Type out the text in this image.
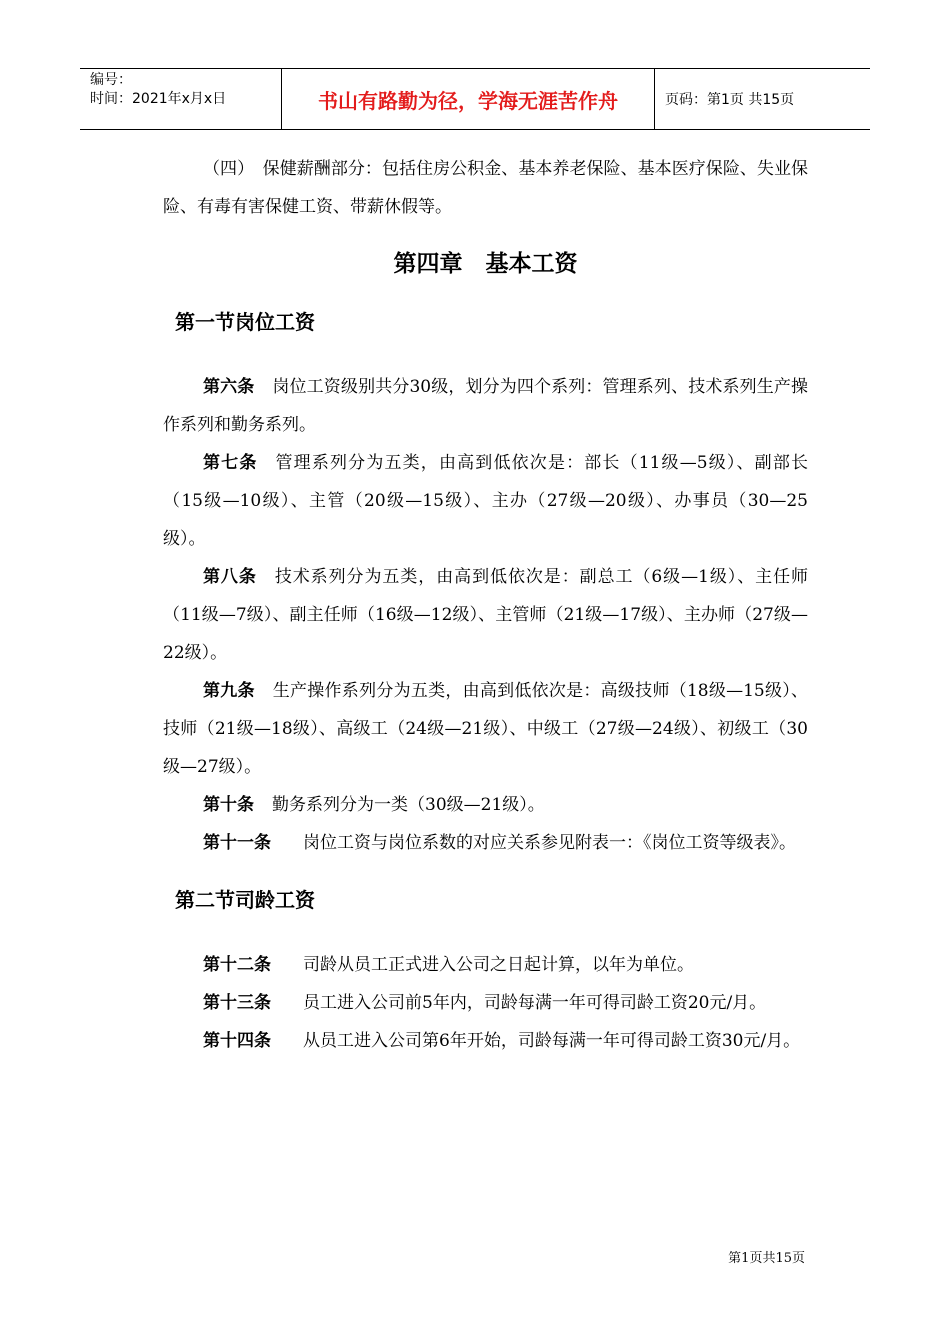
编号：
时间：2021年x月x日	书山有路勤为径，学海无涯苦作舟	页码：第1页 共15页

（四）　保健薪酬部分：包括住房公积金、基本养老保险、基本医疗保险、失业保险、有毒有害保健工资、带薪休假等。

第四章　基本工资
第一节岗位工资

第六条 岗位工资级别共分30级，划分为四个系列：管理系列、技术系列生产操作系列和勤务系列。

第七条 管理系列分为五类，由高到低依次是：部长（11级—5级）、副部长（15级—10级）、主管（20级—15级）、主办（27级—20级）、办事员（30—25级）。

第八条 技术系列分为五类，由高到低依次是：副总工（6级—1级）、主任师（11级—7级）、副主任师（16级—12级）、主管师（21级—17级）、主办师（27级—22级）。

第九条 生产操作系列分为五类，由高到低依次是：高级技师（18级—15级）、技师（21级—18级）、高级工（24级—21级）、中级工（27级—24级）、初级工（30级—27级）。

第十条 勤务系列分为一类（30级—21级）。

第十一条 岗位工资与岗位系数的对应关系参见附表一：《岗位工资等级表》。

第二节司龄工资

第十二条 司龄从员工正式进入公司之日起计算，以年为单位。

第十三条 员工进入公司前5年内，司龄每满一年可得司龄工资20元/月。

第十四条 从员工进入公司第6年开始，司龄每满一年可得司龄工资30元/月。

第1页共15页
